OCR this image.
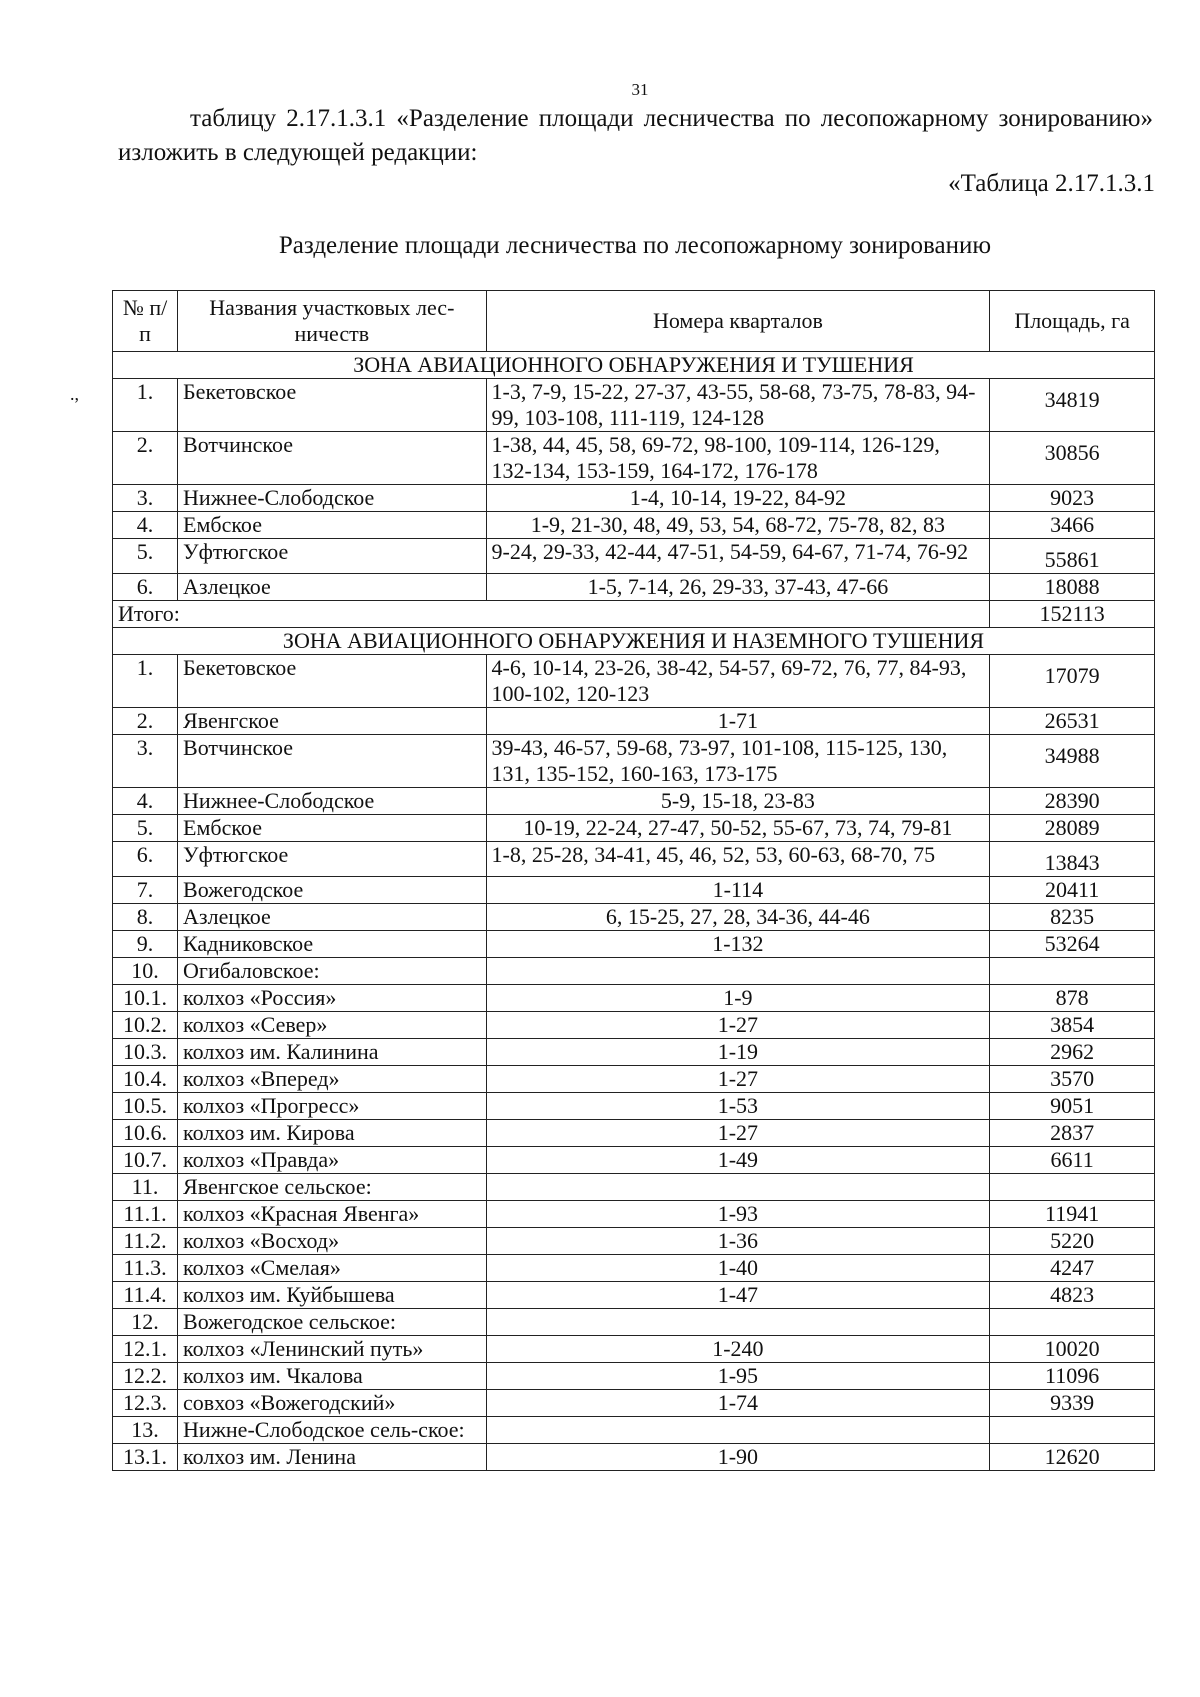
31
таблицу 2.17.1.3.1 «Разделение площади лесничества по лесопожарному зонированию» изложить в следующей редакции:
«Таблица 2.17.1.3.1
Разделение площади лесничества по лесопожарному зонированию
.,
№ п/п	Названия участковых лес-ничеств	Номера кварталов	Площадь, га
ЗОНА АВИАЦИОННОГО ОБНАРУЖЕНИЯ И ТУШЕНИЯ			
1.	Бекетовское	1-3, 7-9, 15-22, 27-37, 43-55, 58-68, 73-75, 78-83, 94-99, 103-108, 111-119, 124-128	34819
2.	Вотчинское	1-38, 44, 45, 58, 69-72, 98-100, 109-114, 126-129, 132-134, 153-159, 164-172, 176-178	30856
3.	Нижнее-Слободское	1-4, 10-14, 19-22, 84-92	9023
4.	Ембское	1-9, 21-30, 48, 49, 53, 54, 68-72, 75-78, 82, 83	3466
5.	Уфтюгское	9-24, 29-33, 42-44, 47-51, 54-59, 64-67, 71-74, 76-92	55861
6.	Азлецкое	1-5, 7-14, 26, 29-33, 37-43, 47-66	18088
Итого:			152113
ЗОНА АВИАЦИОННОГО ОБНАРУЖЕНИЯ И НАЗЕМНОГО ТУШЕНИЯ			
1.	Бекетовское	4-6, 10-14, 23-26, 38-42, 54-57, 69-72, 76, 77, 84-93, 100-102, 120-123	17079
2.	Явенгское	1-71	26531
3.	Вотчинское	39-43, 46-57, 59-68, 73-97, 101-108, 115-125, 130, 131, 135-152, 160-163, 173-175	34988
4.	Нижнее-Слободское	5-9, 15-18, 23-83	28390
5.	Ембское	10-19, 22-24, 27-47, 50-52, 55-67, 73, 74, 79-81	28089
6.	Уфтюгское	1-8, 25-28, 34-41, 45, 46, 52, 53, 60-63, 68-70, 75	13843
7.	Вожегодское	1-114	20411
8.	Азлецкое	6, 15-25, 27, 28, 34-36, 44-46	8235
9.	Кадниковское	1-132	53264
10.	Огибаловское:		
10.1.	колхоз «Россия»	1-9	878
10.2.	колхоз «Север»	1-27	3854
10.3.	колхоз им. Калинина	1-19	2962
10.4.	колхоз «Вперед»	1-27	3570
10.5.	колхоз «Прогресс»	1-53	9051
10.6.	колхоз им. Кирова	1-27	2837
10.7.	колхоз «Правда»	1-49	6611
11.	Явенгское сельское:		
11.1.	колхоз «Красная Явенга»	1-93	11941
11.2.	колхоз «Восход»	1-36	5220
11.3.	колхоз «Смелая»	1-40	4247
11.4.	колхоз им. Куйбышева	1-47	4823
12.	Вожегодское сельское:		
12.1.	колхоз «Ленинский путь»	1-240	10020
12.2.	колхоз им. Чкалова	1-95	11096
12.3.	совхоз «Вожегодский»	1-74	9339
13.	Нижне-Слободское сель-ское:		
13.1.	колхоз им. Ленина	1-90	12620
